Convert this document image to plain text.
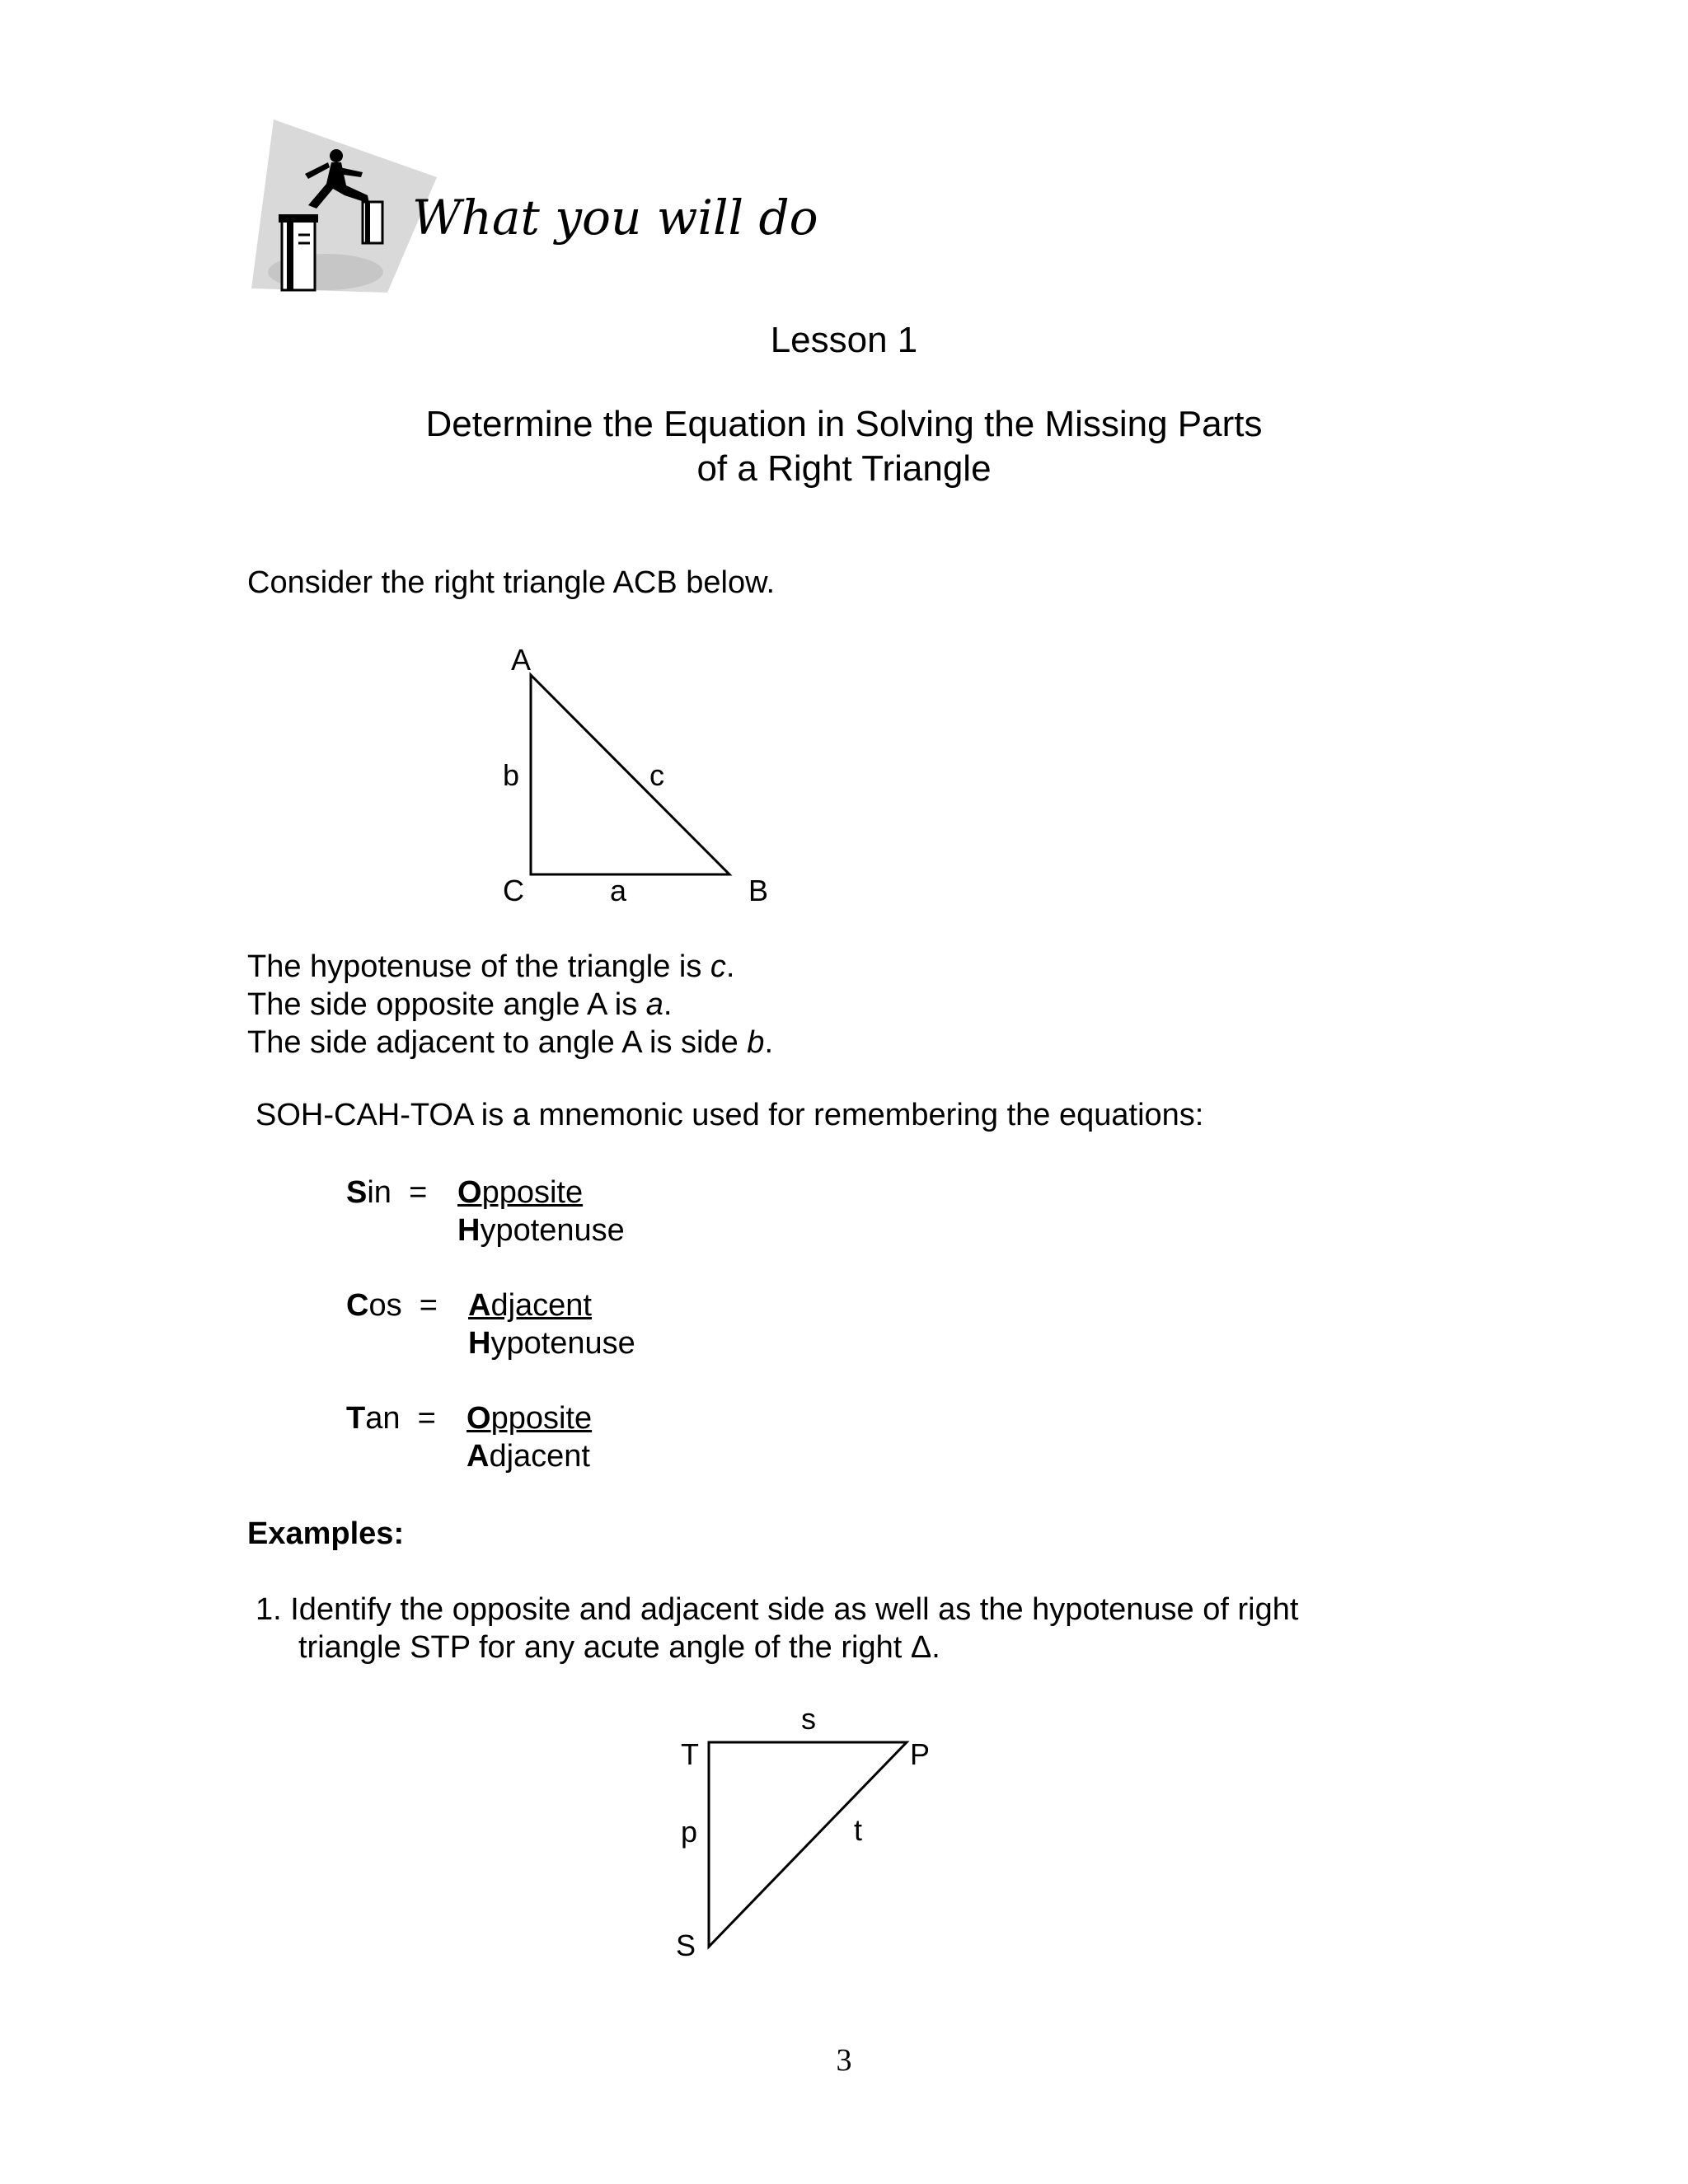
What you will do
Lesson 1
Determine the Equation in Solving the Missing Parts
of a Right Triangle
Consider the right triangle ACB below.
A
b	c
C	a	B
The hypotenuse of the triangle is c.
The side opposite angle A is a.
The side adjacent to angle A is side b.
SOH-CAH-TOA is a mnemonic used for remembering the equations:
Sin = Opposite
Hypotenuse
Cos = Adjacent
Hypotenuse
Tan = Opposite
Adjacent
Examples:
1. Identify the opposite and adjacent side as well as the hypotenuse of right
triangle STP for any acute angle of the right Δ.
s
T	P
p	t
S
3
